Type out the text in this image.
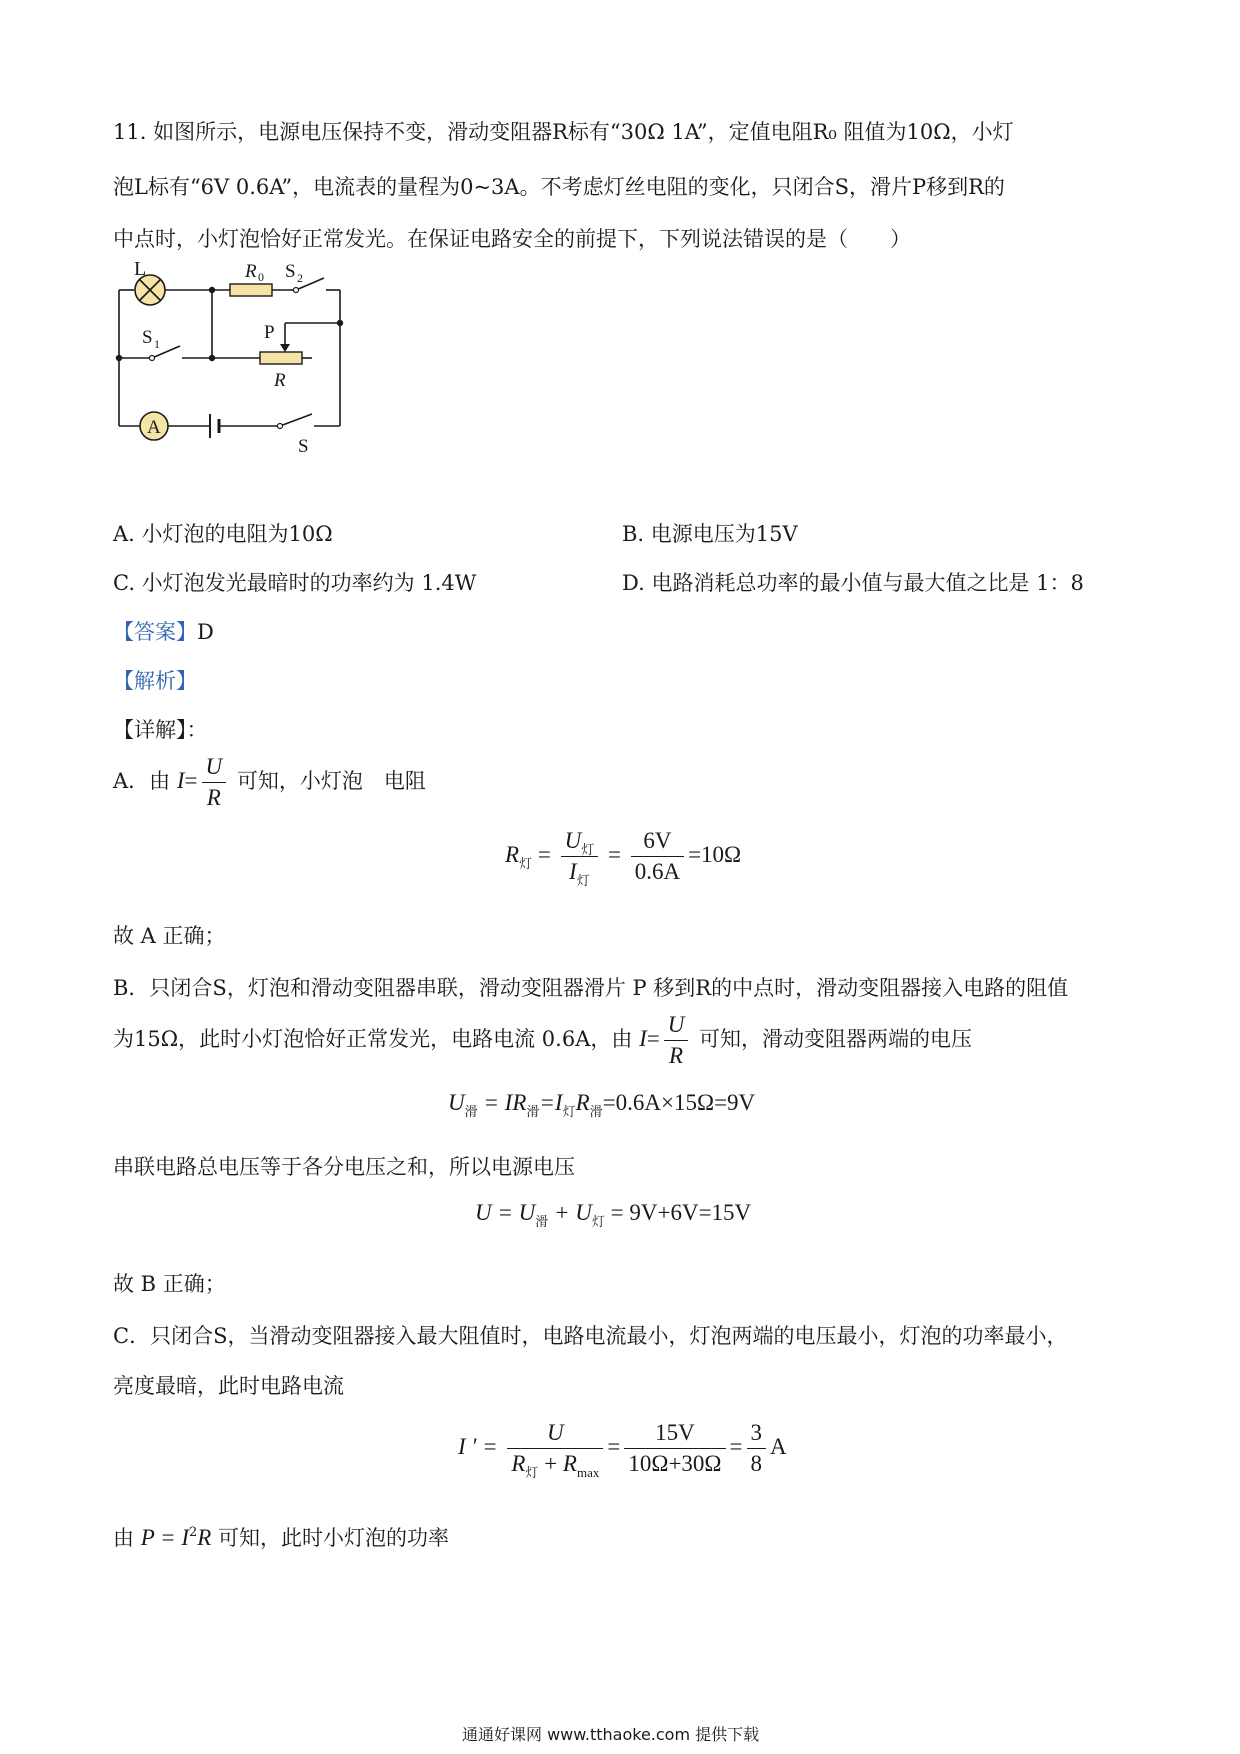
11. 如图所示，电源电压保持不变，滑动变阻器R标有“30Ω 1A”，定值电阻R₀ 阻值为10Ω，小灯
泡L标有“6V 0.6A”，电流表的量程为0~3A。不考虑灯丝电阻的变化，只闭合S，滑片P移到R的
中点时，小灯泡恰好正常发光。在保证电路安全的前提下，下列说法错误的是（　　）
L	R 0 S 2
S 1
P
R
A
S
A. 小灯泡的电阻为10Ω	B. 电源电压为15V
C. 小灯泡发光最暗时的功率约为 1.4W	D. 电路消耗总功率的最小值与最大值之比是 1：8
【答案】D
【解析】
【详解】：
A．由 $I= \frac{U}{R}$ 可知，小灯泡　电阻
$R_灯 = \frac{U_灯}{I_灯} = \frac{6V}{0.6A} =10\Omega$
故 A 正确；
B．只闭合S，灯泡和滑动变阻器串联，滑动变阻器滑片 P 移到R的中点时，滑动变阻器接入电路的阻值
为15Ω，此时小灯泡恰好正常发光，电路电流 0.6A，由 $I= \frac{U}{R}$ 可知，滑动变阻器两端的电压
$U_滑 = IR_滑=I_灯R_滑=0.6A\times 15\Omega=9V$
串联电路总电压等于各分电压之和，所以电源电压
$U = U_滑 + U_灯 = 9V+6V=15V$
故 B 正确；
C．只闭合S，当滑动变阻器接入最大阻值时，电路电流最小，灯泡两端的电压最小，灯泡的功率最小，
亮度最暗，此时电路电流
I ' = $\frac{U}{R_灯 + R_{max}} = \frac{15V}{10\Omega+30\Omega} = \frac{3}{8}$ A
由 $P = I^2R$ 可知，此时小灯泡的功率
通通好课网 www.tthaoke.com 提供下载
